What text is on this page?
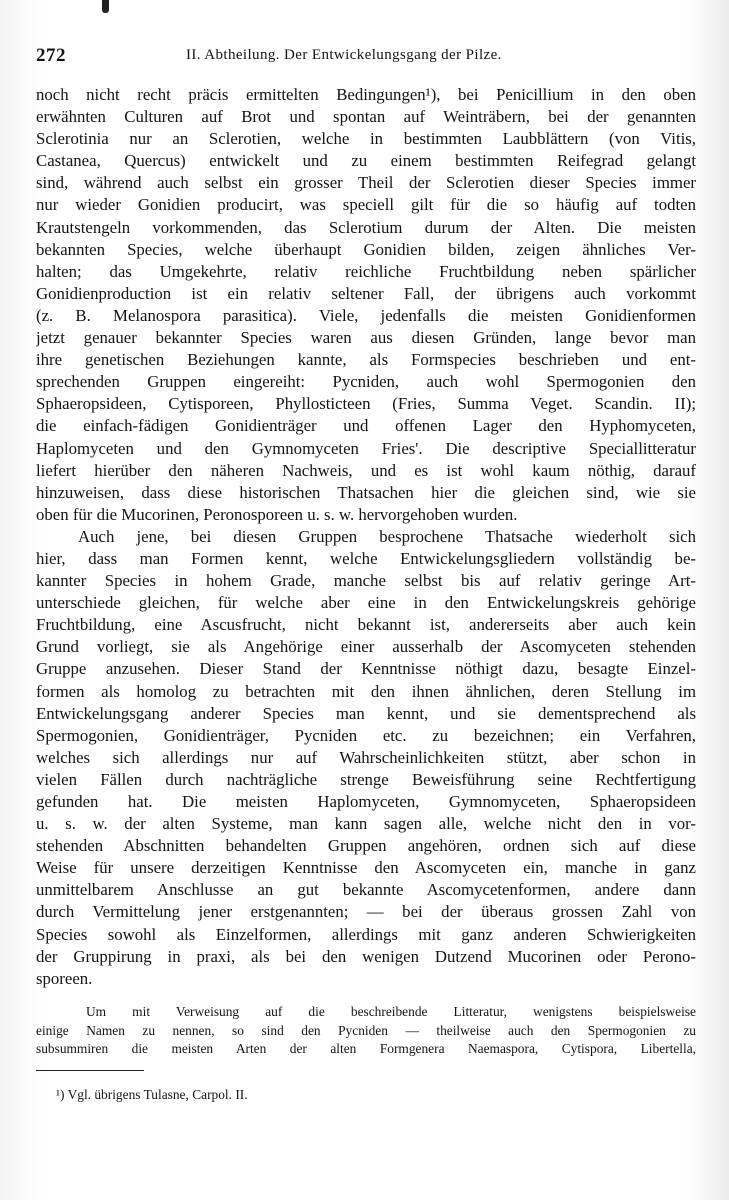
272	II. Abtheilung. Der Entwickelungsgang der Pilze.
noch nicht recht präcis ermittelten Bedingungen¹), bei Penicillium in den oben
erwähnten Culturen auf Brot und spontan auf Weinträbern, bei der genannten
Sclerotinia nur an Sclerotien, welche in bestimmten Laubblättern (von Vitis,
Castanea, Quercus) entwickelt und zu einem bestimmten Reifegrad gelangt
sind, während auch selbst ein grosser Theil der Sclerotien dieser Species immer
nur wieder Gonidien producirt, was speciell gilt für die so häufig auf todten
Krautstengeln vorkommenden, das Sclerotium durum der Alten. Die meisten
bekannten Species, welche überhaupt Gonidien bilden, zeigen ähnliches Ver-
halten; das Umgekehrte, relativ reichliche Fruchtbildung neben spärlicher
Gonidienproduction ist ein relativ seltener Fall, der übrigens auch vorkommt
(z. B. Melanospora parasitica). Viele, jedenfalls die meisten Gonidienformen
jetzt genauer bekannter Species waren aus diesen Gründen, lange bevor man
ihre genetischen Beziehungen kannte, als Formspecies beschrieben und ent-
sprechenden Gruppen eingereiht: Pycniden, auch wohl Spermogonien den
Sphaeropsideen, Cytisporeen, Phyllosticteen (Fries, Summa Veget. Scandin. II);
die einfach-fädigen Gonidienträger und offenen Lager den Hyphomyceten,
Haplomyceten und den Gymnomyceten Fries'. Die descriptive Speciallitteratur
liefert hierüber den näheren Nachweis, und es ist wohl kaum nöthig, darauf
hinzuweisen, dass diese historischen Thatsachen hier die gleichen sind, wie sie
oben für die Mucorinen, Peronosporeen u. s. w. hervorgehoben wurden.
Auch jene, bei diesen Gruppen besprochene Thatsache wiederholt sich
hier, dass man Formen kennt, welche Entwickelungsgliedern vollständig be-
kannter Species in hohem Grade, manche selbst bis auf relativ geringe Art-
unterschiede gleichen, für welche aber eine in den Entwickelungskreis gehörige
Fruchtbildung, eine Ascusfrucht, nicht bekannt ist, andererseits aber auch kein
Grund vorliegt, sie als Angehörige einer ausserhalb der Ascomyceten stehenden
Gruppe anzusehen. Dieser Stand der Kenntnisse nöthigt dazu, besagte Einzel-
formen als homolog zu betrachten mit den ihnen ähnlichen, deren Stellung im
Entwickelungsgang anderer Species man kennt, und sie dementsprechend als
Spermogonien, Gonidienträger, Pycniden etc. zu bezeichnen; ein Verfahren,
welches sich allerdings nur auf Wahrscheinlichkeiten stützt, aber schon in
vielen Fällen durch nachträgliche strenge Beweisführung seine Rechtfertigung
gefunden hat. Die meisten Haplomyceten, Gymnomyceten, Sphaeropsideen
u. s. w. der alten Systeme, man kann sagen alle, welche nicht den in vor-
stehenden Abschnitten behandelten Gruppen angehören, ordnen sich auf diese
Weise für unsere derzeitigen Kenntnisse den Ascomyceten ein, manche in ganz
unmittelbarem Anschlusse an gut bekannte Ascomycetenformen, andere dann
durch Vermittelung jener erstgenannten; — bei der überaus grossen Zahl von
Species sowohl als Einzelformen, allerdings mit ganz anderen Schwierigkeiten
der Gruppirung in praxi, als bei den wenigen Dutzend Mucorinen oder Perono-
sporeen.
Um mit Verweisung auf die beschreibende Litteratur, wenigstens beispielsweise
einige Namen zu nennen, so sind den Pycniden — theilweise auch den Spermogonien zu
subsummiren die meisten Arten der alten Formgenera Naemaspora, Cytispora, Libertella,
¹) Vgl. übrigens Tulasne, Carpol. II.
